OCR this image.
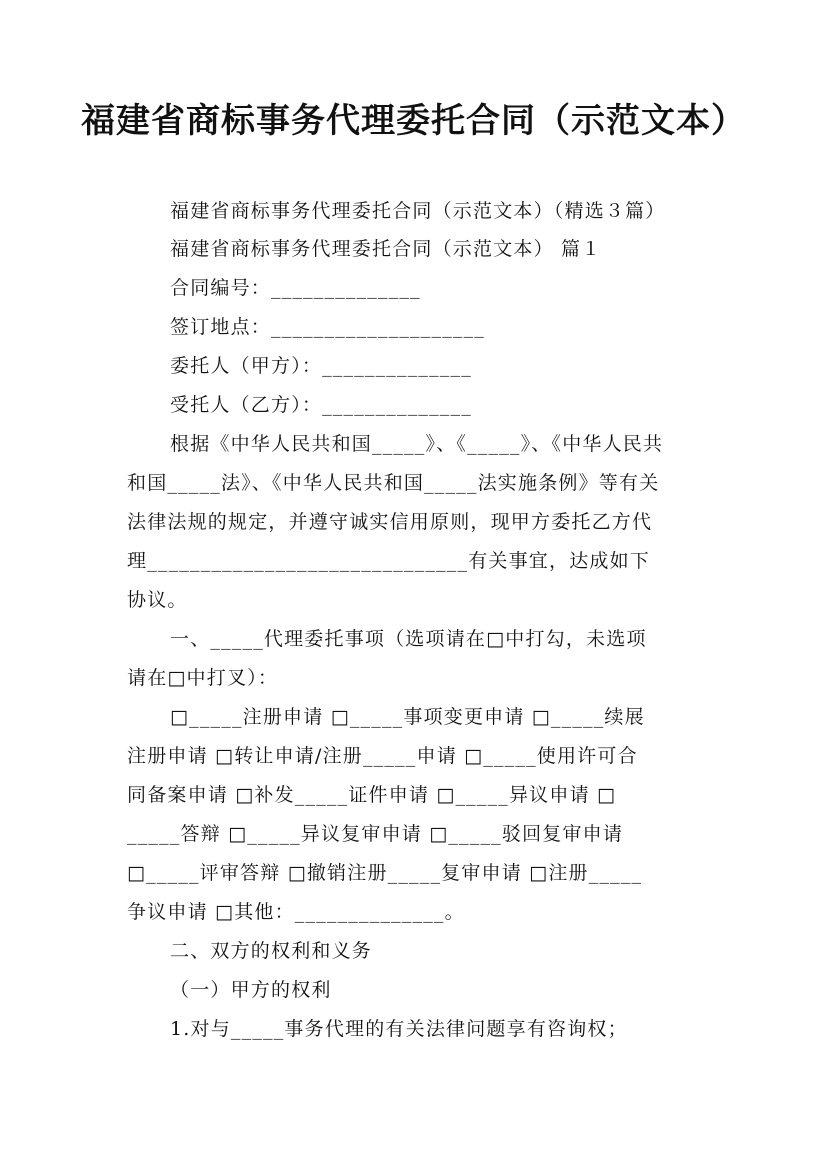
福建省商标事务代理委托合同（示范文本）
福建省商标事务代理委托合同（示范文本）（精选３篇）
福建省商标事务代理委托合同（示范文本） 篇１
合同编号：______________
签订地点：____________________
委托人（甲方）：______________
受托人（乙方）：______________
根据《中华人民共和国_____》、《_____》、《中华人民共
和国_____法》、《中华人民共和国_____法实施条例》等有关
法律法规的规定，并遵守诚实信用原则，现甲方委托乙方代
理______________________________有关事宜，达成如下
协议。
一、_____代理委托事项（选项请在□中打勾，未选项
请在□中打叉）：
□_____注册申请 □_____事项变更申请 □_____续展
注册申请 □转让申请/注册_____申请 □_____使用许可合
同备案申请 □补发_____证件申请 □_____异议申请 □
_____答辩 □_____异议复审申请 □_____驳回复审申请
□_____评审答辩 □撤销注册_____复审申请 □注册_____
争议申请 □其他：______________。
二、双方的权利和义务
（一）甲方的权利
1.对与_____事务代理的有关法律问题享有咨询权；
